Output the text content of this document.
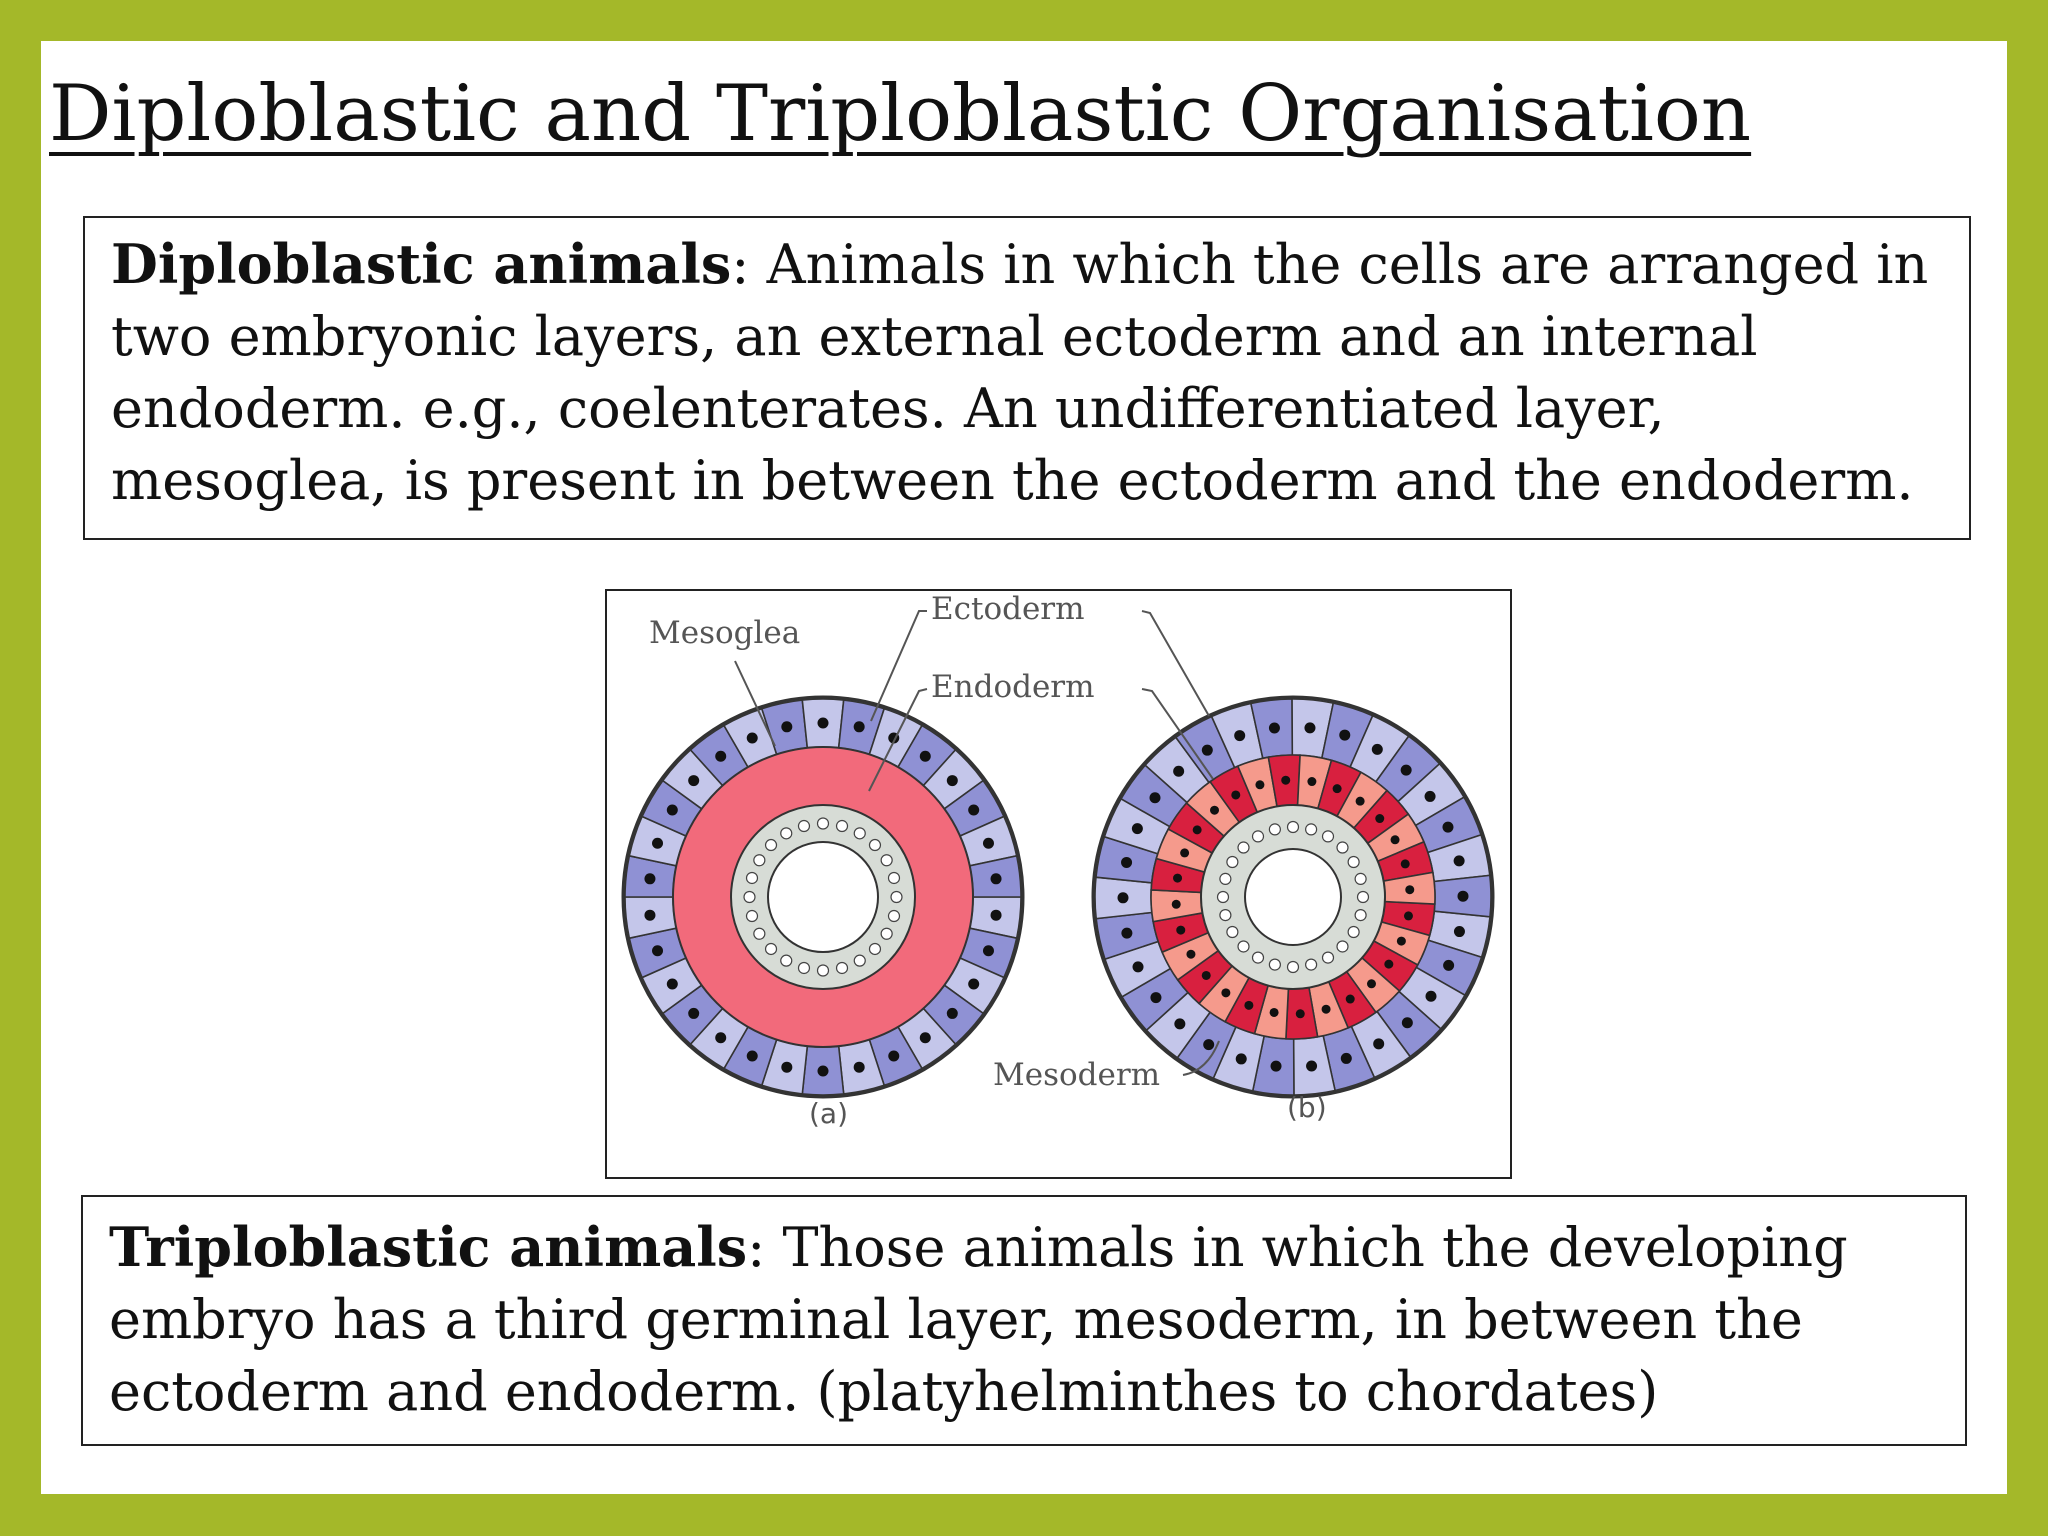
Diploblastic and Triploblastic Organisation
Diploblastic animals: Animals in which the cells are arranged in two embryonic layers, an external ectoderm and an internal endoderm. e.g., coelenterates. An undifferentiated layer, mesoglea, is present in between the ectoderm and the endoderm.
Mesoglea
Ectoderm
Endoderm
Mesoderm
(a)	(b)
Triploblastic animals: Those animals in which the developing embryo has a third germinal layer, mesoderm, in between the ectoderm and endoderm. (platyhelminthes to chordates)
